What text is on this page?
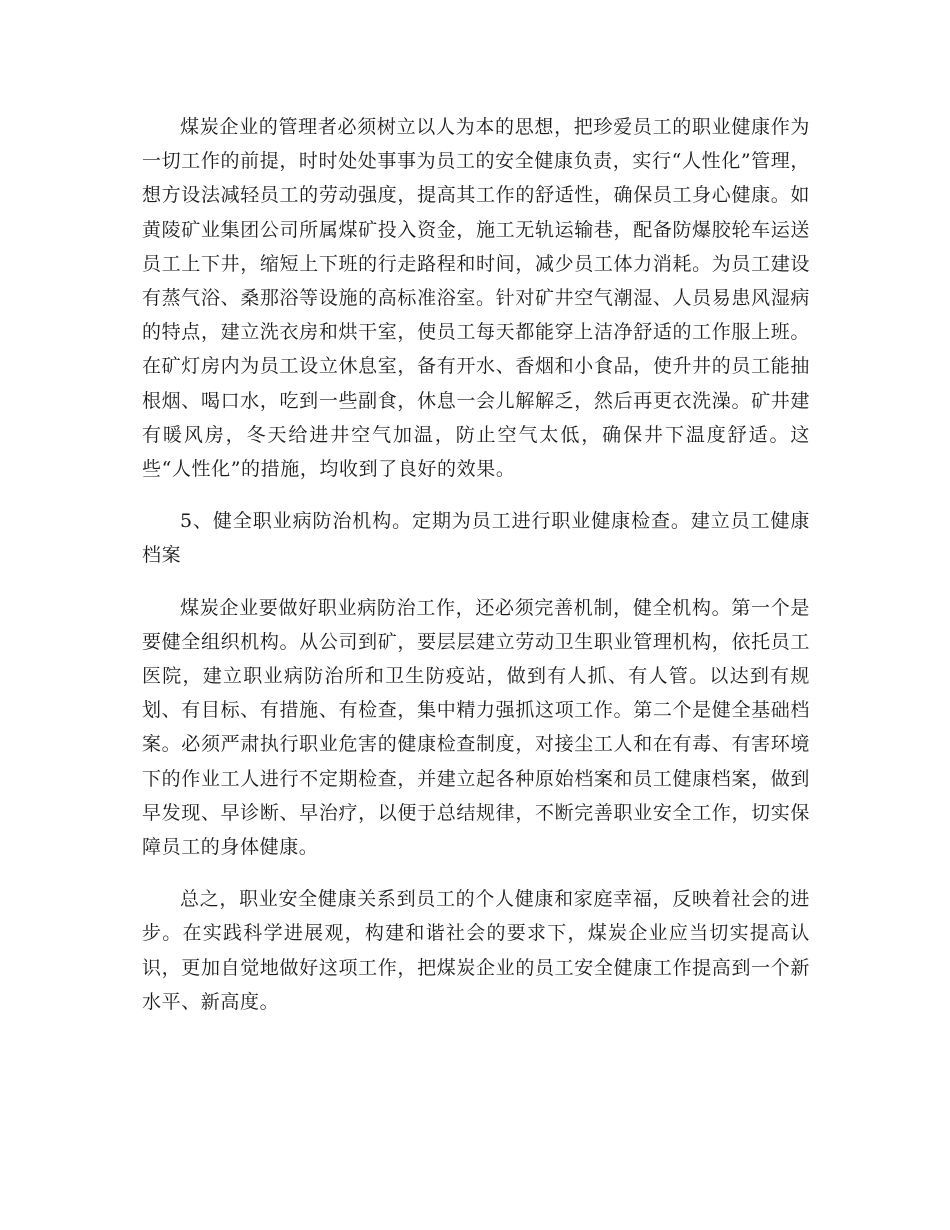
煤炭企业的管理者必须树立以人为本的思想，把珍爱员工的职业健康作为一切工作的前提，时时处处事事为员工的安全健康负责，实行“人性化”管理，想方设法减轻员工的劳动强度，提高其工作的舒适性，确保员工身心健康。如黄陵矿业集团公司所属煤矿投入资金，施工无轨运输巷，配备防爆胶轮车运送员工上下井，缩短上下班的行走路程和时间，减少员工体力消耗。为员工建设有蒸气浴、桑那浴等设施的高标准浴室。针对矿井空气潮湿、人员易患风湿病的特点，建立洗衣房和烘干室，使员工每天都能穿上洁净舒适的工作服上班。在矿灯房内为员工设立休息室，备有开水、香烟和小食品，使升井的员工能抽根烟、喝口水，吃到一些副食，休息一会儿解解乏，然后再更衣洗澡。矿井建有暖风房，冬天给进井空气加温，防止空气太低，确保井下温度舒适。这些“人性化”的措施，均收到了良好的效果。

5、健全职业病防治机构。定期为员工进行职业健康检查。建立员工健康档案

煤炭企业要做好职业病防治工作，还必须完善机制，健全机构。第一个是要健全组织机构。从公司到矿，要层层建立劳动卫生职业管理机构，依托员工医院，建立职业病防治所和卫生防疫站，做到有人抓、有人管。以达到有规划、有目标、有措施、有检查，集中精力强抓这项工作。第二个是健全基础档案。必须严肃执行职业危害的健康检查制度，对接尘工人和在有毒、有害环境下的作业工人进行不定期检查，并建立起各种原始档案和员工健康档案，做到早发现、早诊断、早治疗，以便于总结规律，不断完善职业安全工作，切实保障员工的身体健康。

总之，职业安全健康关系到员工的个人健康和家庭幸福，反映着社会的进步。在实践科学进展观，构建和谐社会的要求下，煤炭企业应当切实提高认识，更加自觉地做好这项工作，把煤炭企业的员工安全健康工作提高到一个新水平、新高度。
